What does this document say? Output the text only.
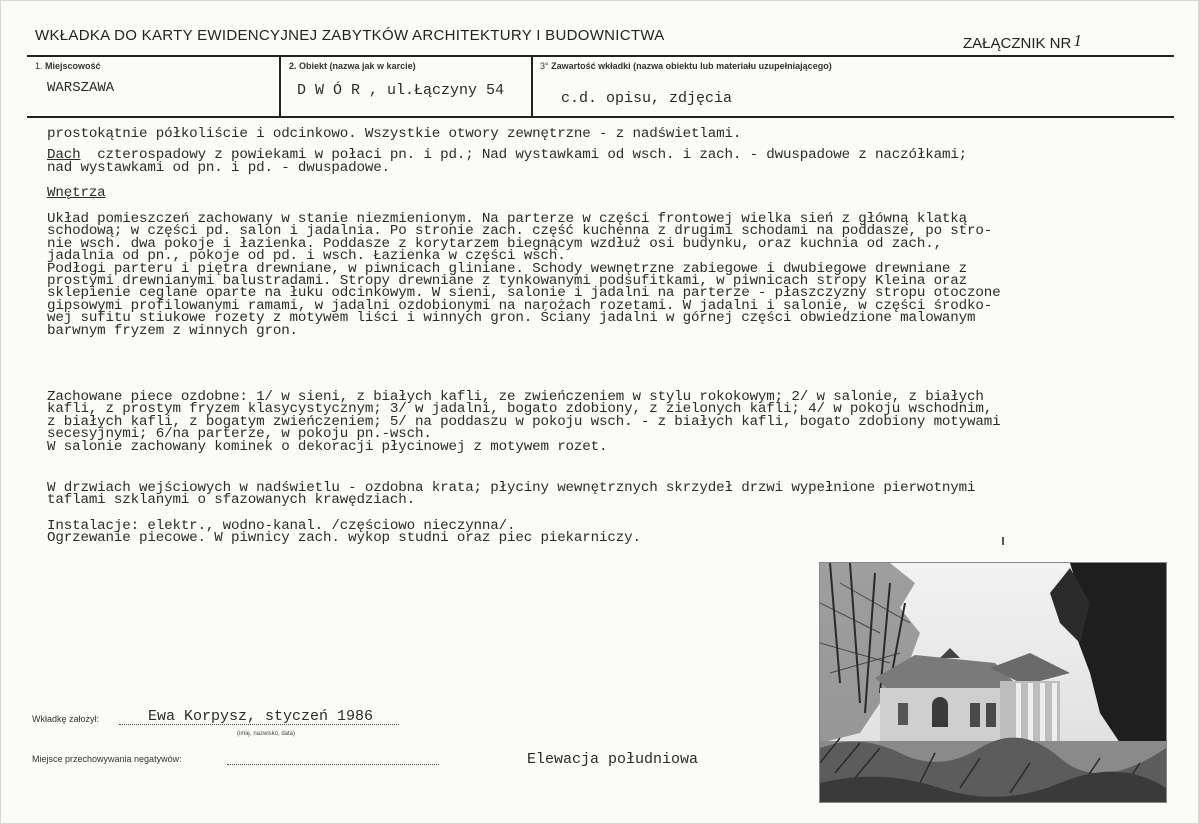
WKŁADKA DO KARTY EWIDENCYJNEJ ZABYTKÓW ARCHITEKTURY I BUDOWNICTWA	ZAŁĄCZNIK NR 1
1. Miejscowość
WARSZAWA
2. Obiekt (nazwa jak w karcie)
D W Ó R , ul.Łączyny 54
3° Zawartość wkładki (nazwa obiektu lub materiału uzupełniającego)
c.d. opisu, zdjęcia
prostokątnie półkoliście i odcinkowo. Wszystkie otwory zewnętrzne - z nadświetlami.
Dach  czterospadowy z powiekami w połaci pn. i pd.; Nad wystawkami od wsch. i zach. - dwuspadowe z naczółkami;
nad wystawkami od pn. i pd. - dwuspadowe.
Wnętrza
Układ pomieszczeń zachowany w stanie niezmienionym. Na parterze w części frontowej wielka sień z główną klatką
schodową; w części pd. salon i jadalnia. Po stronie zach. część kuchenna z drugimi schodami na poddasze, po stro-
nie wsch. dwa pokoje i łazienka. Poddasze z korytarzem biegnącym wzdłuż osi budynku, oraz kuchnia od zach.,
jadalnia od pn., pokoje od pd. i wsch. Łazienka w części wsch.
Podłogi parteru i piętra drewniane, w piwnicach gliniane. Schody wewnętrzne zabiegowe i dwubiegowe drewniane z
prostymi drewnianymi balustradami. Stropy drewniane z tynkowanymi podsufitkami, w piwnicach stropy Kleina oraz
sklepienie ceglane oparte na łuku odcinkowym. W sieni, salonie i jadalni na parterze - płaszczyzny stropu otoczone
gipsowymi profilowanymi ramami, w jadalni ozdobionymi na narożach rozetami. W jadalni i salonie, w części środko-
wej sufitu stiukowe rozety z motywem liści i winnych gron. Ściany jadalni w górnej części obwiedzione malowanym
barwnym fryzem z winnych gron.
Zachowane piece ozdobne: 1/ w sieni, z białych kafli, ze zwieńczeniem w stylu rokokowym; 2/ w salonie, z białych
kafli, z prostym fryzem klasycystycznym; 3/ w jadalni, bogato zdobiony, z zielonych kafli; 4/ w pokoju wschodnim,
z białych kafli, z bogatym zwieńczeniem; 5/ na poddaszu w pokoju wsch. - z białych kafli, bogato zdobiony motywami
secesyjnymi; 6/na parterze, w pokoju pn.-wsch.
W salonie zachowany kominek o dekoracji płycinowej z motywem rozet.
W drzwiach wejściowych w nadświetlu - ozdobna krata; płyciny wewnętrznych skrzydeł drzwi wypełnione pierwotnymi
taflami szklanymi o sfazowanych krawędziach.
Instalacje: elektr., wodno-kanal. /częściowo nieczynna/.
Ogrzewanie piecowe. W piwnicy zach. wykop studni oraz piec piekarniczy.
Wkładkę założył:	Ewa Korpysz, styczeń 1986
(imię, nazwisko, data)
Miejsce przechowywania negatywów:	Elewacja południowa
